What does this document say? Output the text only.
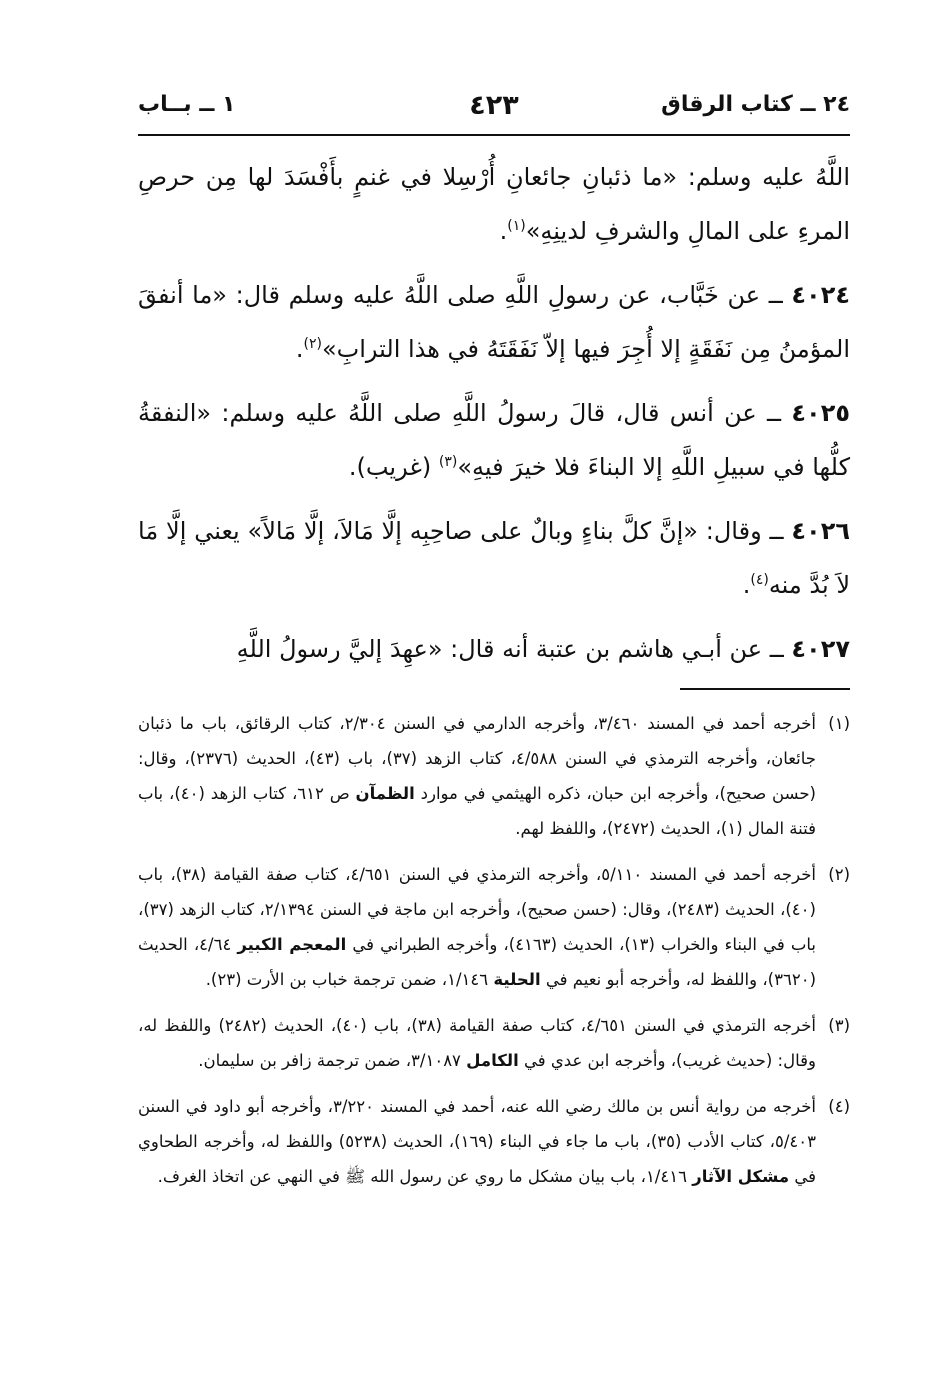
٢٤ ــ كتاب الرقاق
٤٢٣
١ ــ بــاب

اللَّهُ عليه وسلم: «ما ذئبانِ جائعانِ أُرْسِلا في غنمٍ بأَفْسَدَ لها مِن حرصِ المرءِ على المالِ والشرفِ لدينِهِ»$^{(١)}$.

٤٠٢٤ ــ عن خَبَّاب، عن رسولِ اللَّهِ صلى اللَّهُ عليه وسلم قال: «ما أنفقَ المؤمنُ مِن نَفَقَةٍ إلا أُجِرَ فيها إلاّ نَفَقَتَهُ في هذا الترابِ»$^{(٢)}$.

٤٠٢٥ ــ عن أنس قال، قالَ رسولُ اللَّهِ صلى اللَّهُ عليه وسلم: «النفقةُ كلُّها في سبيلِ اللَّهِ إلا البناءَ فلا خيرَ فيهِ»$^{(٣)}$ (غريب).

٤٠٢٦ ــ وقال: «إنَّ كلَّ بناءٍ وبالٌ على صاحِبِه إلَّا مَالاَ، إلَّا مَالاً» يعني إلَّا مَا لاَ بُدَّ منه$^{(٤)}$.

٤٠٢٧ ــ عن أبـي هاشم بن عتبة أنه قال: «عهِدَ إليَّ رسولُ اللَّهِ

(١)
أخرجه أحمد في المسند ٣/٤٦٠، وأخرجه الدارمي في السنن ٢/٣٠٤، كتاب الرقائق، باب ما ذئبان جائعان، وأخرجه الترمذي في السنن ٤/٥٨٨، كتاب الزهد (٣٧)، باب (٤٣)، الحديث (٢٣٧٦)، وقال: (حسن صحيح)، وأخرجه ابن حبان، ذكره الهيثمي في موارد الظمآن ص ٦١٢، كتاب الزهد (٤٠)، باب فتنة المال (١)، الحديث (٢٤٧٢)، واللفظ لهم.
(٢)
أخرجه أحمد في المسند ٥/١١٠، وأخرجه الترمذي في السنن ٤/٦٥١، كتاب صفة القيامة (٣٨)، باب (٤٠)، الحديث (٢٤٨٣)، وقال: (حسن صحيح)، وأخرجه ابن ماجة في السنن ٢/١٣٩٤، كتاب الزهد (٣٧)، باب في البناء والخراب (١٣)، الحديث (٤١٦٣)، وأخرجه الطبراني في المعجم الكبير ٤/٦٤، الحديث (٣٦٢٠)، واللفظ له، وأخرجه أبو نعيم في الحلية ١/١٤٦، ضمن ترجمة خباب بن الأرت (٢٣).
(٣)
أخرجه الترمذي في السنن ٤/٦٥١، كتاب صفة القيامة (٣٨)، باب (٤٠)، الحديث (٢٤٨٢) واللفظ له، وقال: (حديث غريب)، وأخرجه ابن عدي في الكامل ٣/١٠٨٧، ضمن ترجمة زافر بن سليمان.
(٤)
أخرجه من رواية أنس بن مالك رضي الله عنه، أحمد في المسند ٣/٢٢٠، وأخرجه أبو داود في السنن ٥/٤٠٣، كتاب الأدب (٣٥)، باب ما جاء في البناء (١٦٩)، الحديث (٥٢٣٨) واللفظ له، وأخرجه الطحاوي في مشكل الآثار ١/٤١٦، باب بيان مشكل ما روي عن رسول الله ﷺ في النهي عن اتخاذ الغرف.
